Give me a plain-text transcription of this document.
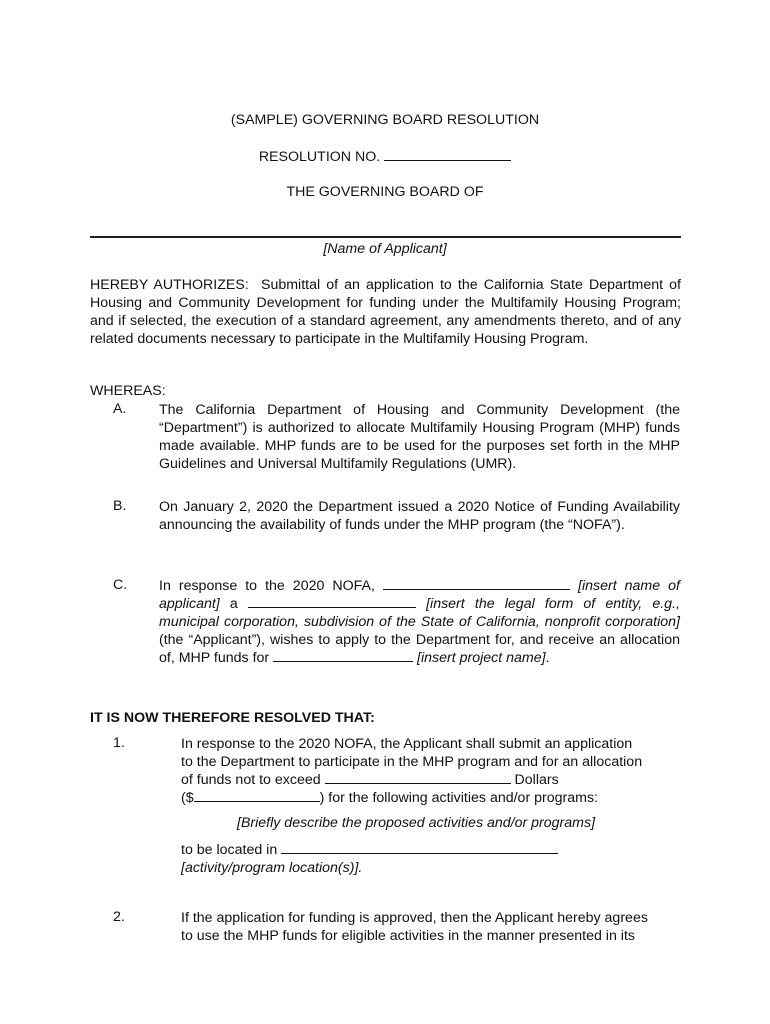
(SAMPLE) GOVERNING BOARD RESOLUTION
RESOLUTION NO.
THE GOVERNING BOARD OF
[Name of Applicant]
HEREBY AUTHORIZES: Submittal of an application to the California State Department of Housing and Community Development for funding under the Multifamily Housing Program; and if selected, the execution of a standard agreement, any amendments thereto, and of any related documents necessary to participate in the Multifamily Housing Program.
WHEREAS:
A.	The California Department of Housing and Community Development (the “Department”) is authorized to allocate Multifamily Housing Program (MHP) funds made available. MHP funds are to be used for the purposes set forth in the MHP Guidelines and Universal Multifamily Regulations (UMR).
B.	On January 2, 2020 the Department issued a 2020 Notice of Funding Availability announcing the availability of funds under the MHP program (the “NOFA”).
C.	In response to the 2020 NOFA,	[insert name of applicant] a	[insert the legal form of entity, e.g., municipal corporation, subdivision of the State of California, nonprofit corporation] (the “Applicant”), wishes to apply to the Department for, and receive an allocation of, MHP funds for	[insert project name].
IT IS NOW THEREFORE RESOLVED THAT:
1.	In response to the 2020 NOFA, the Applicant shall submit an application
to the Department to participate in the MHP program and for an allocation
of funds not to exceed	Dollars
($	) for the following activities and/or programs:
[Briefly describe the proposed activities and/or programs]
to be located in
[activity/program location(s)].
2.	If the application for funding is approved, then the Applicant hereby agrees
to use the MHP funds for eligible activities in the manner presented in its
